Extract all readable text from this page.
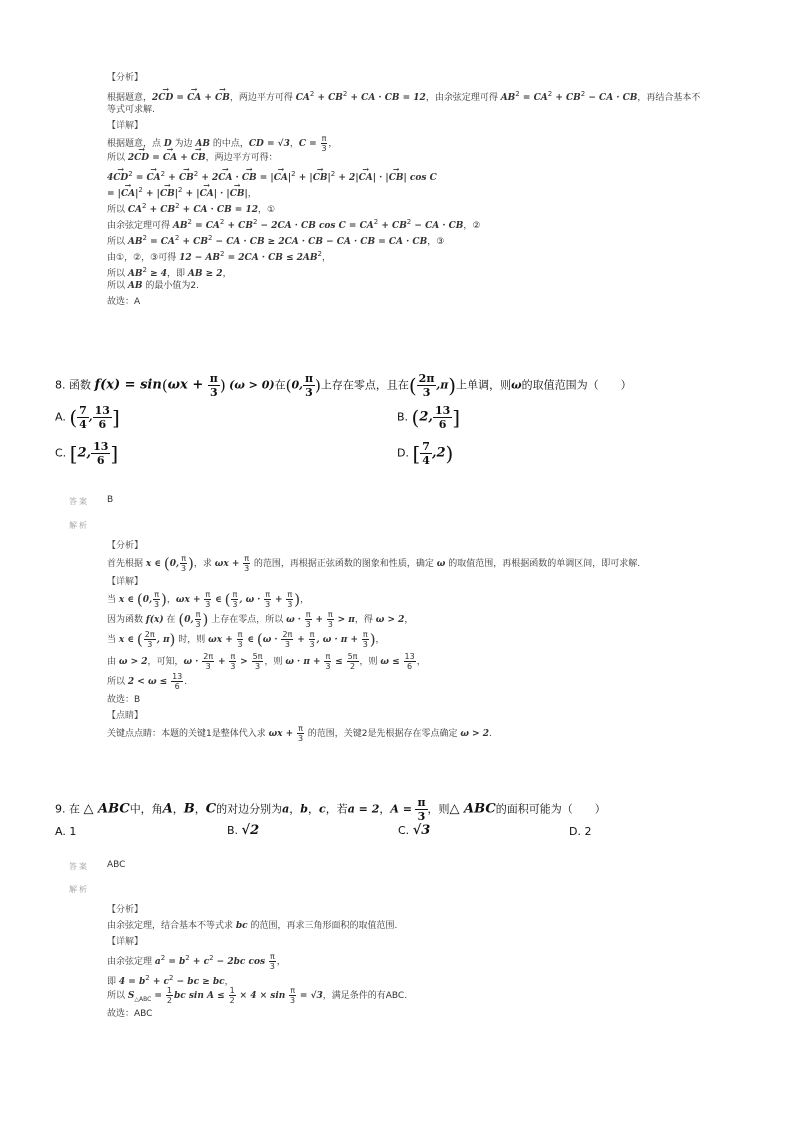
【分析】
根据题意，2→ CD = → CA + → CB，两边平方可得 $CA^2 + CB^2$ + CA · CB = 12，由余弦定理可得 $AB^2 = CA^2 + CB^2$ − CA · CB，再结合基本不
等式可求解.
【详解】
根据题意，点 D 为边 AB 的中点，CD = √3，$C = \frac{\pi}{3}$ ，
所以 2→ CD = → CA + → CB，两边平方可得：
$4\to CD^2$ = → $CA^2$ + → $CB^2 + 2\to$ CA · → CB = |→ $CA|^2$ + |→ $CB|^2 + 2|\to CA|$ · |→ CB| cos C
= |→ $CA|^2$ + |→ $CB|^2$ + |→ CA| · |→ CB|，
所以 $CA^2 + CB^2$ + CA · CB = 12，①
由余弦定理可得 $AB^2 = CA^2 + CB^2 - 2CA$ · CB $\cos C = CA^2 + CB^2$ − CA · CB，②
所以 $AB^2 = CA^2 + CB^2$ − CA · CB ≥ 2CA · CB − CA · CB = CA · CB，③
由①，②，③可得 $12 - AB^2 = 2CA$ · CB ≤ $2AB^2$，
所以 $AB^2 \ge 4$，即 AB ≥ 2，
所以 AB 的最小值为2.
故选：A
8. 函数 $f(x) = \sin(\omega x + \frac{\pi}{3}$ ) (ω > 0)在(0, $\frac{\pi}{3}$ )上存在零点，且在( $\frac{2\pi}{3} ,\pi$)上单调，则ω的取值范围为（　　）
A. ( $\frac{7}{4}$ , $\frac{13}{6}$ ]	B. (2, $\frac{13}{6}$ ]
C. [2, $\frac{13}{6}$ ]	D. [ $\frac{7}{4} ,2$)
答案 B
解析
【分析】
首先根据 x ∈ (0, $\frac{\pi}{3}$ )，求 $\omega x + \frac{\pi}{3}$ 的范围，再根据正弦函数的图象和性质，确定 ω 的取值范围，再根据函数的单调区间，即可求解.
【详解】
当 x ∈ (0, $\frac{\pi}{3}$ )，$\omega x + \frac{\pi}{3}$ ∈ ( $\frac{\pi}{3}$ , $\omega \cdot \frac{\pi}{3} + \frac{\pi}{3}$ )，
因为函数 f(x) 在 (0, $\frac{\pi}{3}$ ) 上存在零点，所以 $\omega \cdot \frac{\pi}{3} + \frac{\pi}{3} > \pi$，得 ω > 2，
当 x ∈ ( $\frac{2\pi}{3}$ , π) 时，则 $\omega x + \frac{\pi}{3}$ ∈ ($\omega \cdot \frac{2\pi}{3} + \frac{\pi}{3}$ , $\omega \cdot \pi + \frac{\pi}{3}$ )，
由 ω > 2，可知，$\omega \cdot \frac{2\pi}{3} + \frac{\pi}{3} > \frac{5\pi}{3}$ ，则 $\omega \cdot \pi + \frac{\pi}{3} \le \frac{5\pi}{2}$ ，则 $\omega \le \frac{13}{6}$ ，
所以 $2 < \omega \le \frac{13}{6}$ .
故选：B
【点睛】
关键点点睛：本题的关键1是整体代入求 $\omega x + \frac{\pi}{3}$ 的范围，关键2是先根据存在零点确定 ω > 2.
9. 在 △ ABC中，角A，B，C的对边分别为a，b，c，若a = 2，$A = \frac{\pi}{3}$ ，则△ ABC的面积可能为（　　）
A. 1	B. √2	C. √3	D. 2
答案 ABC
解析
【分析】
由余弦定理，结合基本不等式求 bc 的范围，再求三角形面积的取值范围.
【详解】
由余弦定理 $a^2 = b^2 + c^2 - 2bc$ $\cos \frac{\pi}{3}$ ，
即 $4 = b^2 + c^2$ − bc ≥ bc，
所以 $S_{\triangle ABC} = \frac{1}{2}$ bc $\sin A \le \frac{1}{2} \times 4 \times \sin \frac{\pi}{3} = √3$，满足条件的有ABC.
故选：ABC
